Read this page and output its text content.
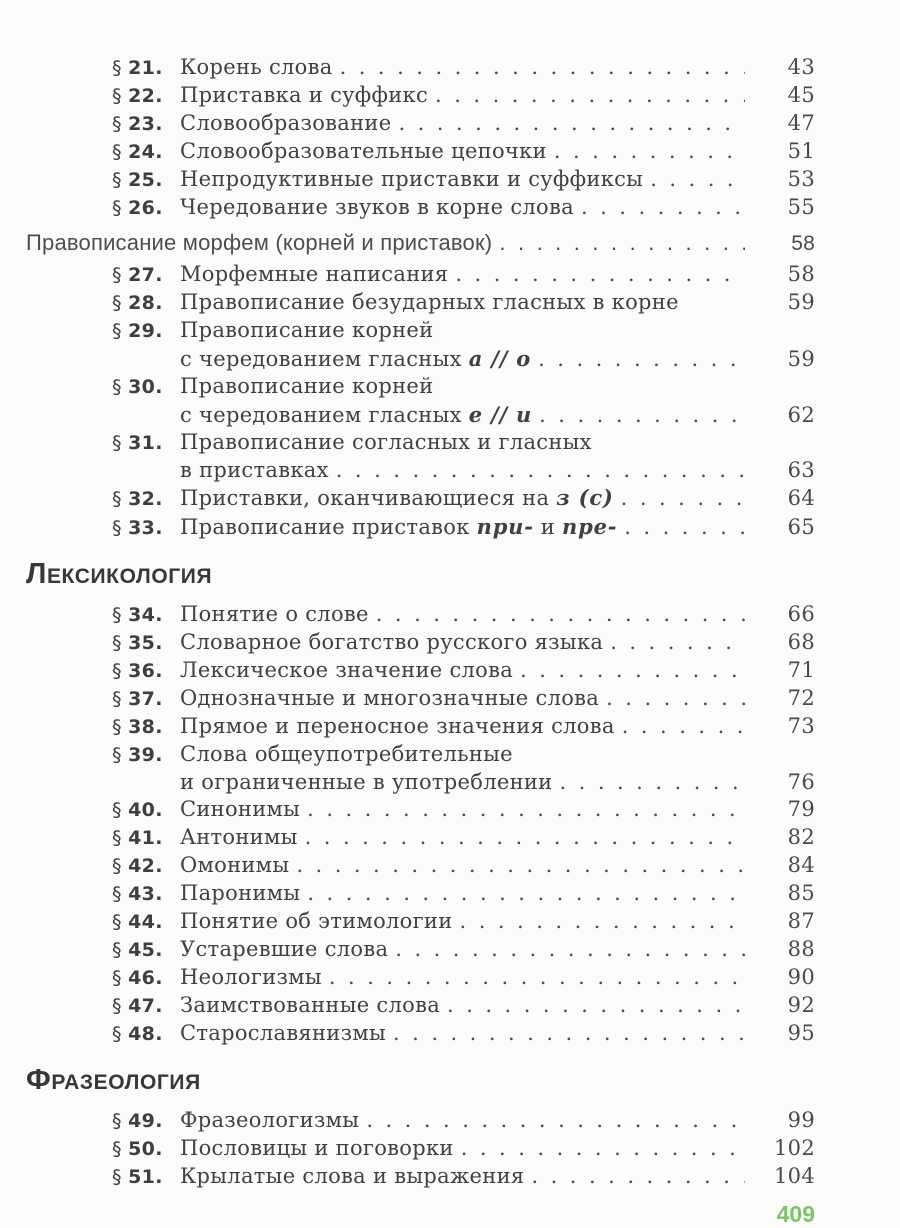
§ 21. Корень слова .....	43
§ 22. Приставка и суффикс .....	45
§ 23. Словообразование .....	47
§ 24. Словообразовательные цепочки .....	51
§ 25. Непродуктивные приставки и суффиксы .....	53
§ 26. Чередование звуков в корне слова .....	55
Правописание морфем (корней и приставок) .....	58
§ 27. Морфемные написания .....	58
§ 28. Правописание безударных гласных в корне	59
§ 29. Правописание корней
с чередованием гласных а // о .....	59
§ 30. Правописание корней
с чередованием гласных е // и .....	62
§ 31. Правописание согласных и гласных
в приставках .....	63
§ 32. Приставки, оканчивающиеся на з (с) .....	64
§ 33. Правописание приставок при- и пре- .....	65
ЛЕКСИКОЛОГИЯ
§ 34. Понятие о слове .....	66
§ 35. Словарное богатство русского языка .....	68
§ 36. Лексическое значение слова .....	71
§ 37. Однозначные и многозначные слова .....	72
§ 38. Прямое и переносное значения слова .....	73
§ 39. Слова общеупотребительные
и ограниченные в употреблении .....	76
§ 40. Синонимы .....	79
§ 41. Антонимы .....	82
§ 42. Омонимы .....	84
§ 43. Паронимы .....	85
§ 44. Понятие об этимологии .....	87
§ 45. Устаревшие слова .....	88
§ 46. Неологизмы .....	90
§ 47. Заимствованные слова .....	92
§ 48. Старославянизмы .....	95
ФРАЗЕОЛОГИЯ
§ 49. Фразеологизмы .....	99
§ 50. Пословицы и поговорки .....	102
§ 51. Крылатые слова и выражения .....	104
409
